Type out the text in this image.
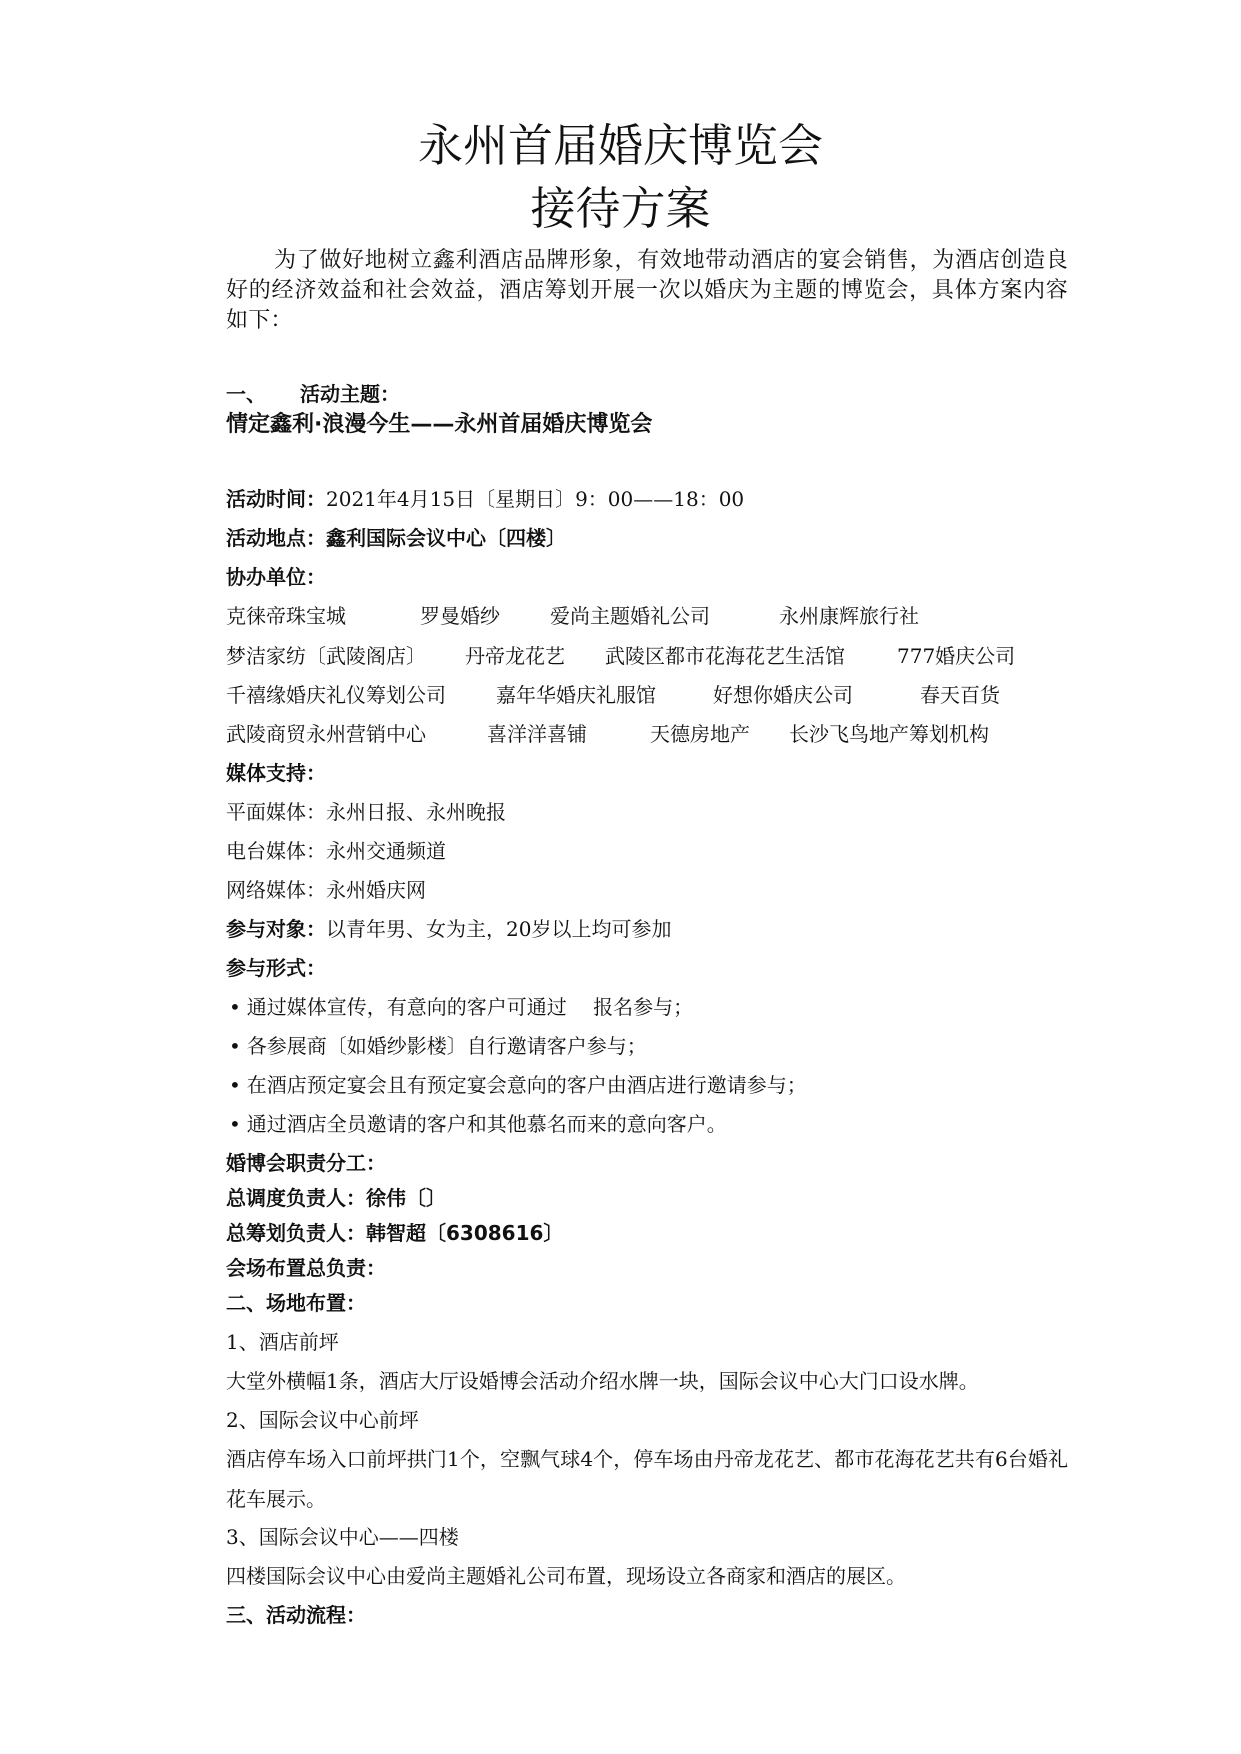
永州首届婚庆博览会
接待方案
为了做好地树立鑫利酒店品牌形象，有效地带动酒店的宴会销售，为酒店创造良好的经济效益和社会效益，酒店筹划开展一次以婚庆为主题的博览会，具体方案内容如下：
一、 活动主题：
情定鑫利·浪漫今生——永州首届婚庆博览会
活动时间：2021年4月15日〔星期日〕9：00——18：00
活动地点：鑫利国际会议中心〔四楼〕
协办单位：
克徕帝珠宝城	罗曼婚纱	爱尚主题婚礼公司	永州康辉旅行社
梦洁家纺〔武陵阁店〕 丹帝龙花艺 武陵区都市花海花艺生活馆	777婚庆公司
千禧缘婚庆礼仪筹划公司	嘉年华婚庆礼服馆	好想你婚庆公司	春天百货
武陵商贸永州营销中心	喜洋洋喜铺	天德房地产 长沙飞鸟地产筹划机构
媒体支持：
平面媒体：永州日报、永州晚报
电台媒体：永州交通频道
网络媒体：永州婚庆网
参与对象：以青年男、女为主，20岁以上均可参加
参与形式：
• 通过媒体宣传，有意向的客户可通过　 报名参与；
• 各参展商〔如婚纱影楼〕自行邀请客户参与；
• 在酒店预定宴会且有预定宴会意向的客户由酒店进行邀请参与；
• 通过酒店全员邀请的客户和其他慕名而来的意向客户。
婚博会职责分工：
总调度负责人：徐伟〔〕
总筹划负责人：韩智超〔6308616〕
会场布置总负责：
二、场地布置：
1、酒店前坪
大堂外横幅1条，酒店大厅设婚博会活动介绍水牌一块，国际会议中心大门口设水牌。
2、国际会议中心前坪
酒店停车场入口前坪拱门1个，空飘气球4个，停车场由丹帝龙花艺、都市花海花艺共有6台婚礼花车展示。
3、国际会议中心——四楼
四楼国际会议中心由爱尚主题婚礼公司布置，现场设立各商家和酒店的展区。
三、活动流程：
